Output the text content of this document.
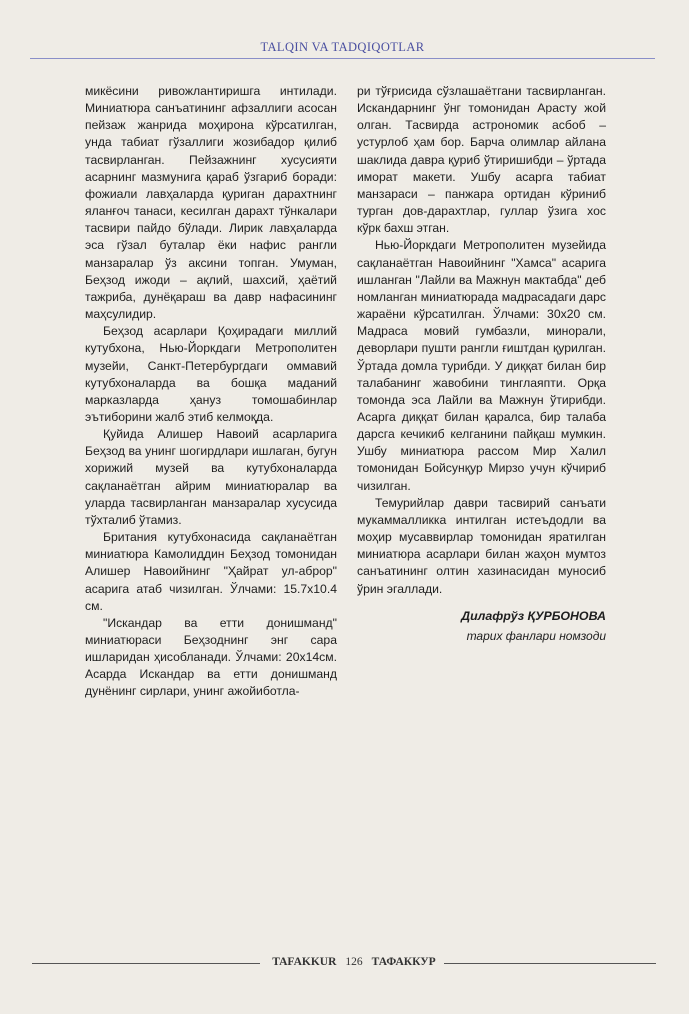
TALQIN VA TADQIQOTLAR

микёсини ривожлантиришга интилади. Миниатюра санъатининг афзаллиги асосан пейзаж жанрида моҳирона кўрсатилган, унда табиат гўзаллиги жозибадор қилиб тасвирланган. Пейзажнинг хусусияти асарнинг мазмунига қараб ўзгариб боради: фожиали лавҳаларда қуриган дарахтнинг яланғоч танаси, кесилган дарахт тўнкалари тасвири пайдо бўлади. Лирик лавҳаларда эса гўзал буталар ёки нафис рангли манзаралар ўз аксини топган. Умуман, Беҳзод ижоди – ақлий, шахсий, ҳаётий тажриба, дунёқараш ва давр нафасининг маҳсулидир.

Беҳзод асарлари Қоҳирадаги миллий кутубхона, Нью-Йоркдаги Метрополитен музейи, Санкт-Петербургдаги оммавий кутубхоналарда ва бошқа маданий марказларда ҳануз томошабинлар эътиборини жалб этиб келмоқда.

Қуйида Алишер Навоий асарларига Беҳзод ва унинг шогирдлари ишлаган, бугун хорижий музей ва кутубхоналарда сақланаётган айрим миниатюралар ва уларда тасвирланган манзаралар хусусида тўхталиб ўтамиз.

Британия кутубхонасида сақланаётган миниатюра Камолиддин Беҳзод томонидан Алишер Навоийнинг "Ҳайрат ул-аброр" асарига атаб чизилган. Ўлчами: 15.7x10.4 см.

"Искандар ва етти донишманд" миниатюраси Беҳзоднинг энг сара ишларидан ҳисобланади. Ўлчами: 20x14см. Асарда Искандар ва етти донишманд дунёнинг сирлари, унинг ажойиботла-

ри тўғрисида сўзлашаётгани тасвирланган. Искандарнинг ўнг томонидан Арасту жой олган. Тасвирда астрономик асбоб – устурлоб ҳам бор. Барча олимлар айлана шаклида давра қуриб ўтиришибди – ўртада иморат макети. Ушбу асарга табиат манзараси – панжара ортидан кўриниб турган дов-дарахтлар, гуллар ўзига хос кўрк бахш этган.

Нью-Йоркдаги Метрополитен музейида сақланаётган Навоийнинг "Хамса" асарига ишланган "Лайли ва Мажнун мактабда" деб номланган миниатюрада мадрасадаги дарс жараёни кўрсатилган. Ўлчами: 30x20 см. Мадраса мовий гумбазли, минорали, деворлари пушти рангли ғиштдан қурилган. Ўртада домла турибди. У диққат билан бир талабанинг жавобини тинглаяпти. Орқа томонда эса Лайли ва Мажнун ўтирибди. Асарга диққат билан қаралса, бир талаба дарсга кечикиб келганини пайқаш мумкин. Ушбу миниатюра рассом Мир Халил томонидан Бойсунқур Мирзо учун кўчириб чизилган.

Темурийлар даври тасвирий санъати мукаммалликка интилган истеъдодли ва моҳир мусаввирлар томонидан яратилган миниатюра асарлари билан жаҳон мумтоз санъатининг олтин хазинасидан муносиб ўрин эгаллади.

Дилафрўз ҚУРБОНОВА
тарих фанлари номзоди
TAFAKKUR 126 ТАФАККУР
